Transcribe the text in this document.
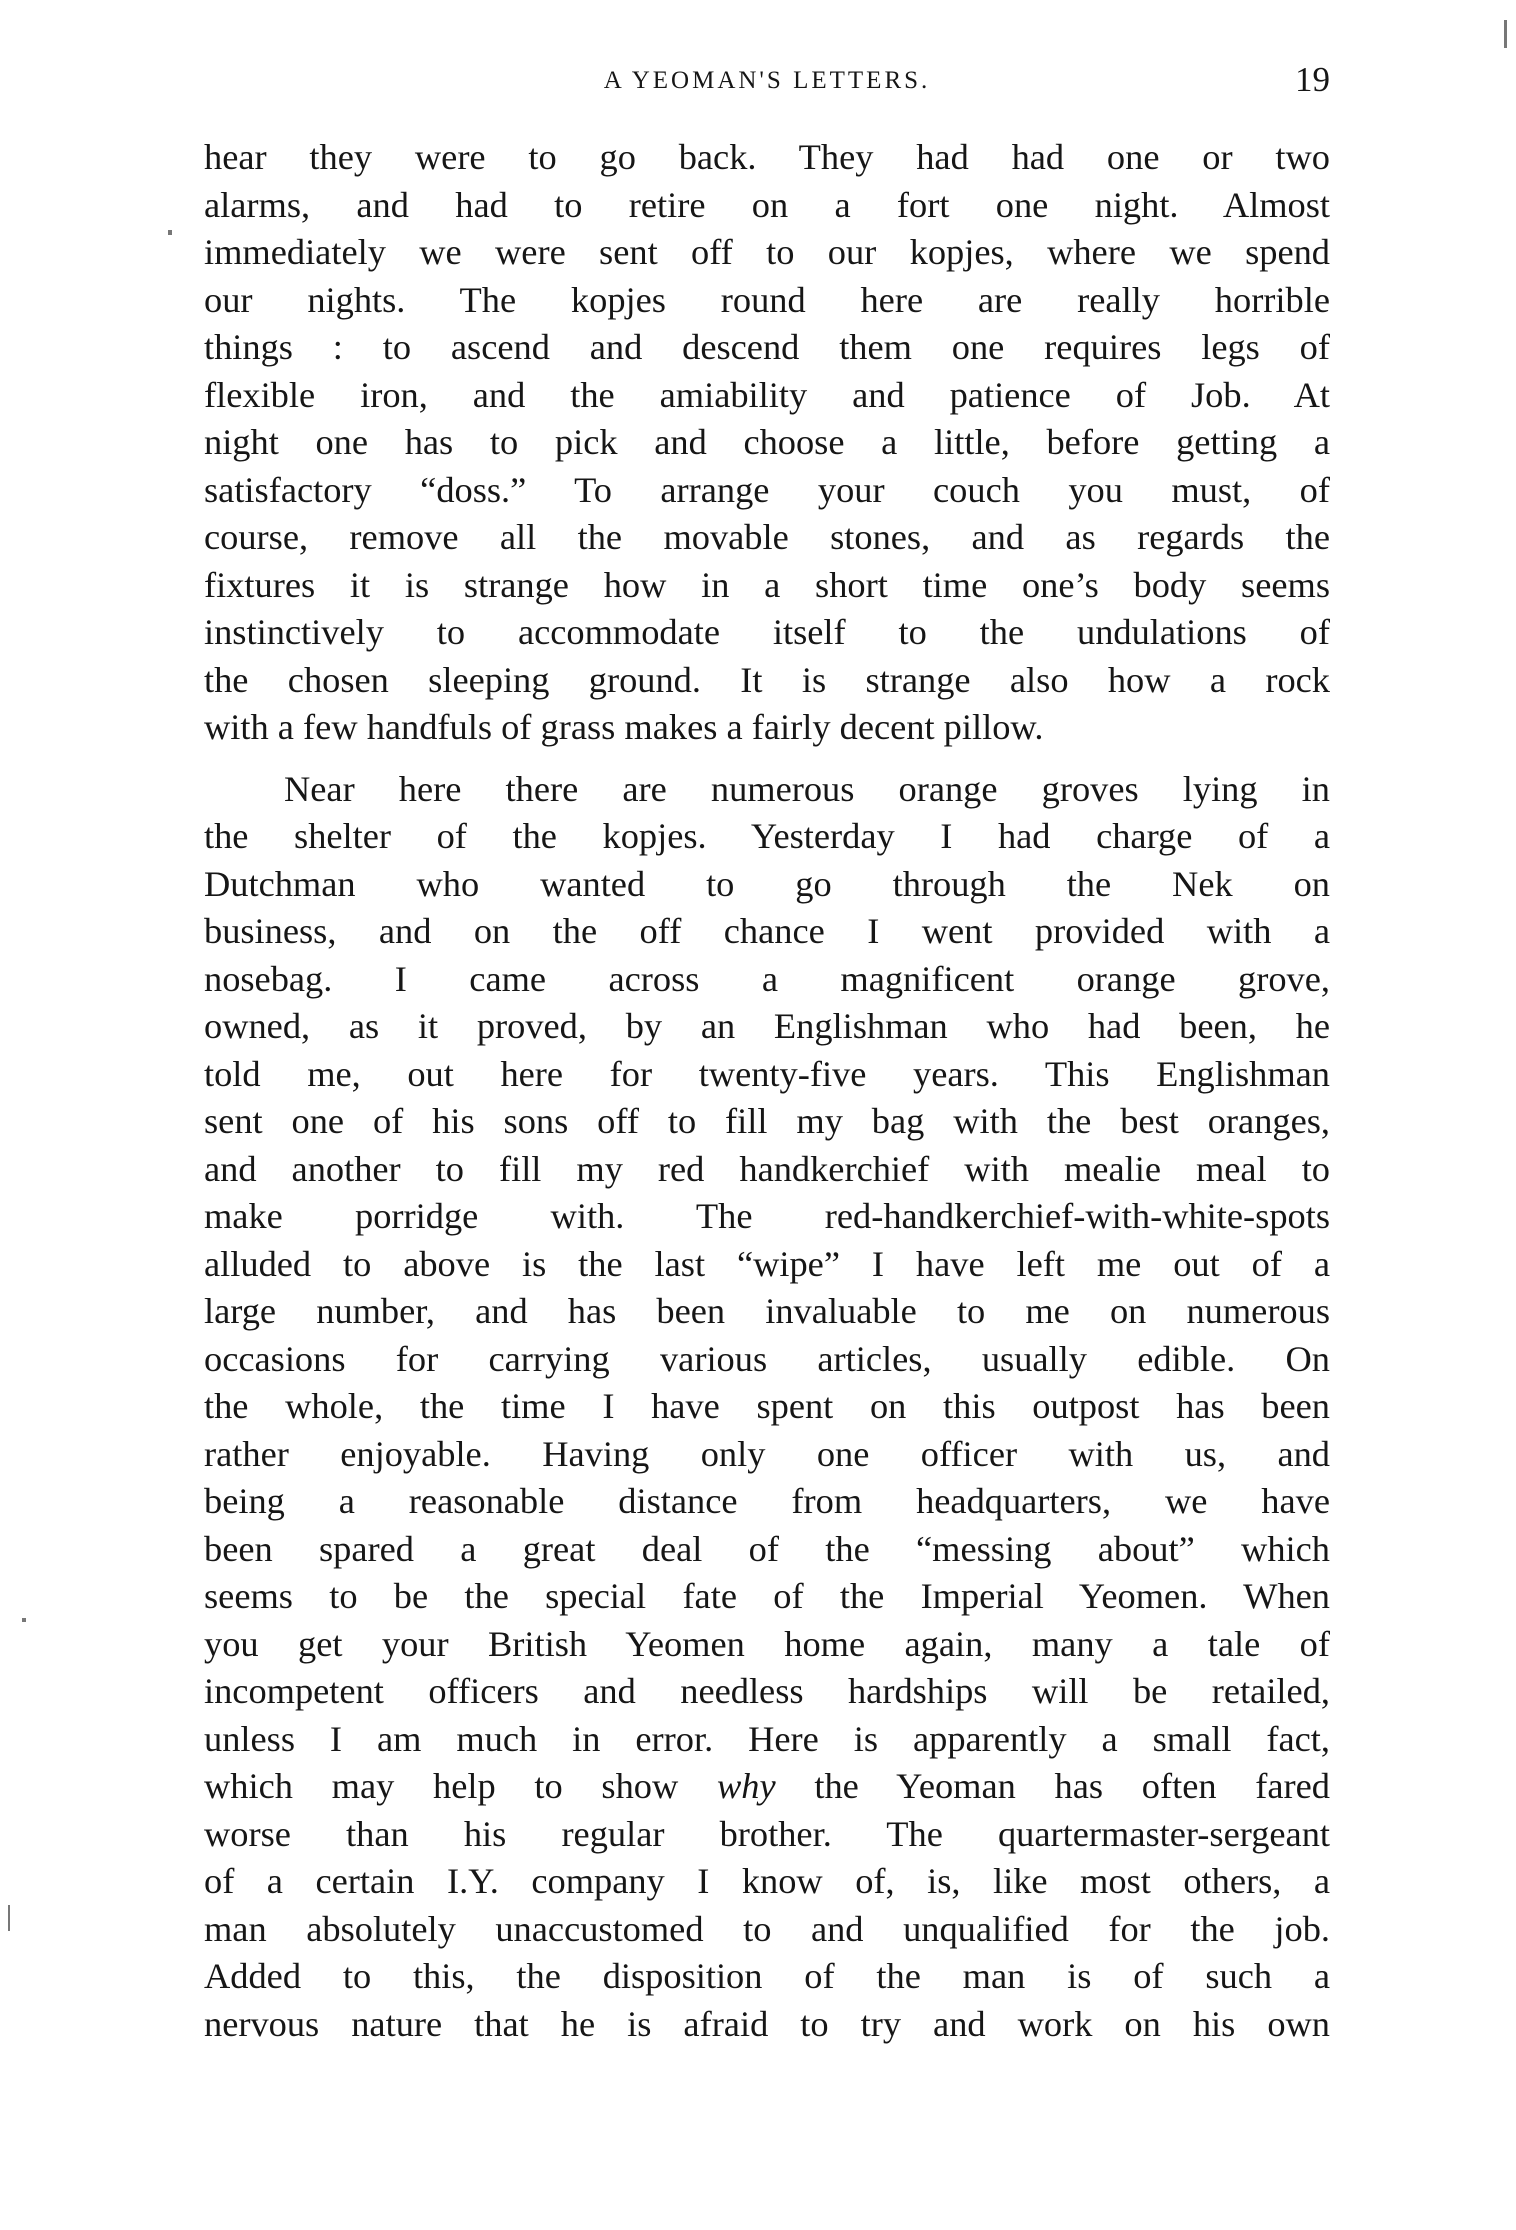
A YEOMAN'S LETTERS.	19
hear they were to go back. They had had one or two
alarms, and had to retire on a fort one night. Almost
immediately we were sent off to our kopjes, where we spend
our nights. The kopjes round here are really horrible
things : to ascend and descend them one requires legs of
flexible iron, and the amiability and patience of Job. At
night one has to pick and choose a little, before getting a
satisfactory “doss.” To arrange your couch you must, of
course, remove all the movable stones, and as regards the
fixtures it is strange how in a short time one’s body seems
instinctively to accommodate itself to the undulations of
the chosen sleeping ground. It is strange also how a rock
with a few handfuls of grass makes a fairly decent pillow.
Near here there are numerous orange groves lying in
the shelter of the kopjes. Yesterday I had charge of a
Dutchman who wanted to go through the Nek on
business, and on the off chance I went provided with a
nosebag. I came across a magnificent orange grove,
owned, as it proved, by an Englishman who had been, he
told me, out here for twenty-five years. This Englishman
sent one of his sons off to fill my bag with the best oranges,
and another to fill my red handkerchief with mealie meal to
make porridge with. The red-handkerchief-with-white-spots
alluded to above is the last “wipe” I have left me out of a
large number, and has been invaluable to me on numerous
occasions for carrying various articles, usually edible. On
the whole, the time I have spent on this outpost has been
rather enjoyable. Having only one officer with us, and
being a reasonable distance from headquarters, we have
been spared a great deal of the “messing about” which
seems to be the special fate of the Imperial Yeomen. When
you get your British Yeomen home again, many a tale of
incompetent officers and needless hardships will be retailed,
unless I am much in error. Here is apparently a small fact,
which may help to show why the Yeoman has often fared
worse than his regular brother. The quartermaster-sergeant
of a certain I.Y. company I know of, is, like most others, a
man absolutely unaccustomed to and unqualified for the job.
Added to this, the disposition of the man is of such a
nervous nature that he is afraid to try and work on his own
